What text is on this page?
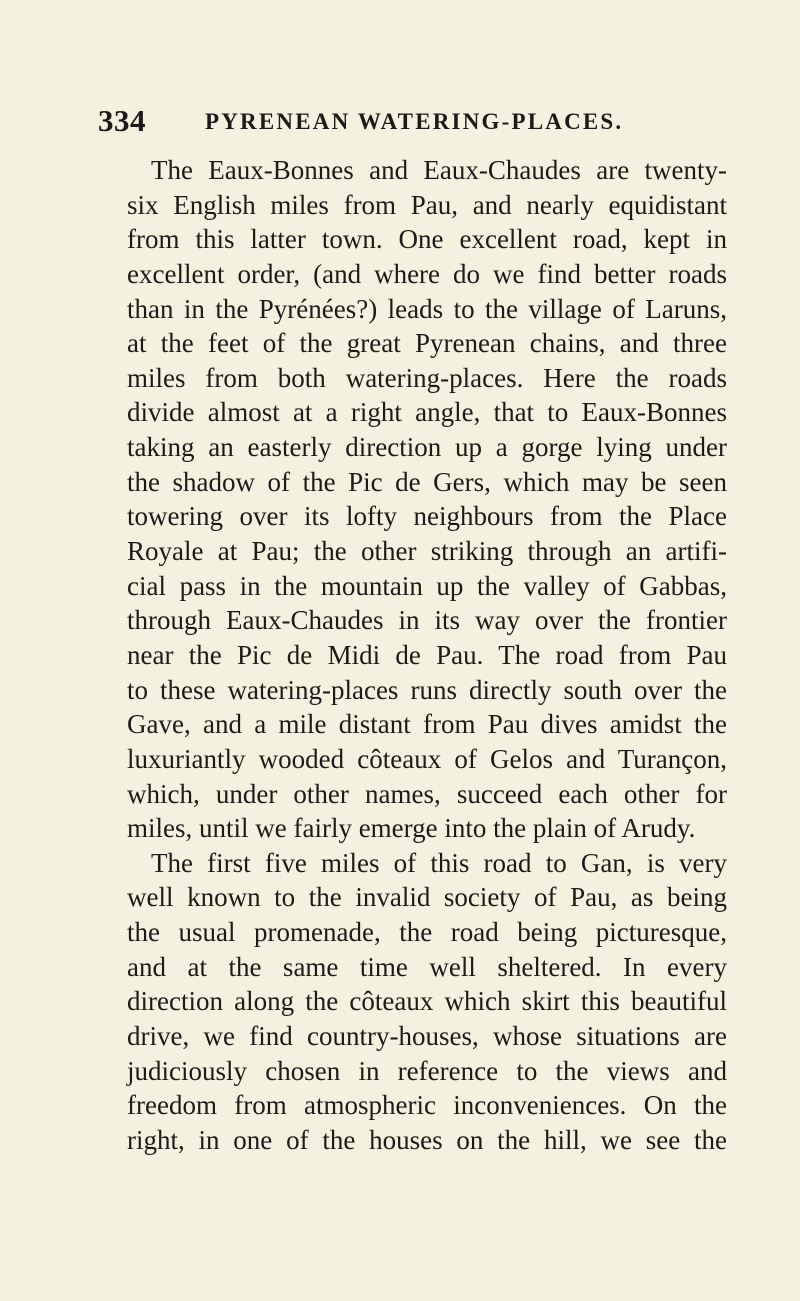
334	PYRENEAN WATERING-PLACES.
The Eaux-Bonnes and Eaux-Chaudes are twenty-
six English miles from Pau, and nearly equidistant
from this latter town. One excellent road, kept in
excellent order, (and where do we find better roads
than in the Pyrénées?) leads to the village of Laruns,
at the feet of the great Pyrenean chains, and three
miles from both watering-places. Here the roads
divide almost at a right angle, that to Eaux-Bonnes
taking an easterly direction up a gorge lying under
the shadow of the Pic de Gers, which may be seen
towering over its lofty neighbours from the Place
Royale at Pau; the other striking through an artifi-
cial pass in the mountain up the valley of Gabbas,
through Eaux-Chaudes in its way over the frontier
near the Pic de Midi de Pau. The road from Pau
to these watering-places runs directly south over the
Gave, and a mile distant from Pau dives amidst the
luxuriantly wooded côteaux of Gelos and Turançon,
which, under other names, succeed each other for
miles, until we fairly emerge into the plain of Arudy.
The first five miles of this road to Gan, is very
well known to the invalid society of Pau, as being
the usual promenade, the road being picturesque,
and at the same time well sheltered. In every
direction along the côteaux which skirt this beautiful
drive, we find country-houses, whose situations are
judiciously chosen in reference to the views and
freedom from atmospheric inconveniences. On the
right, in one of the houses on the hill, we see the
